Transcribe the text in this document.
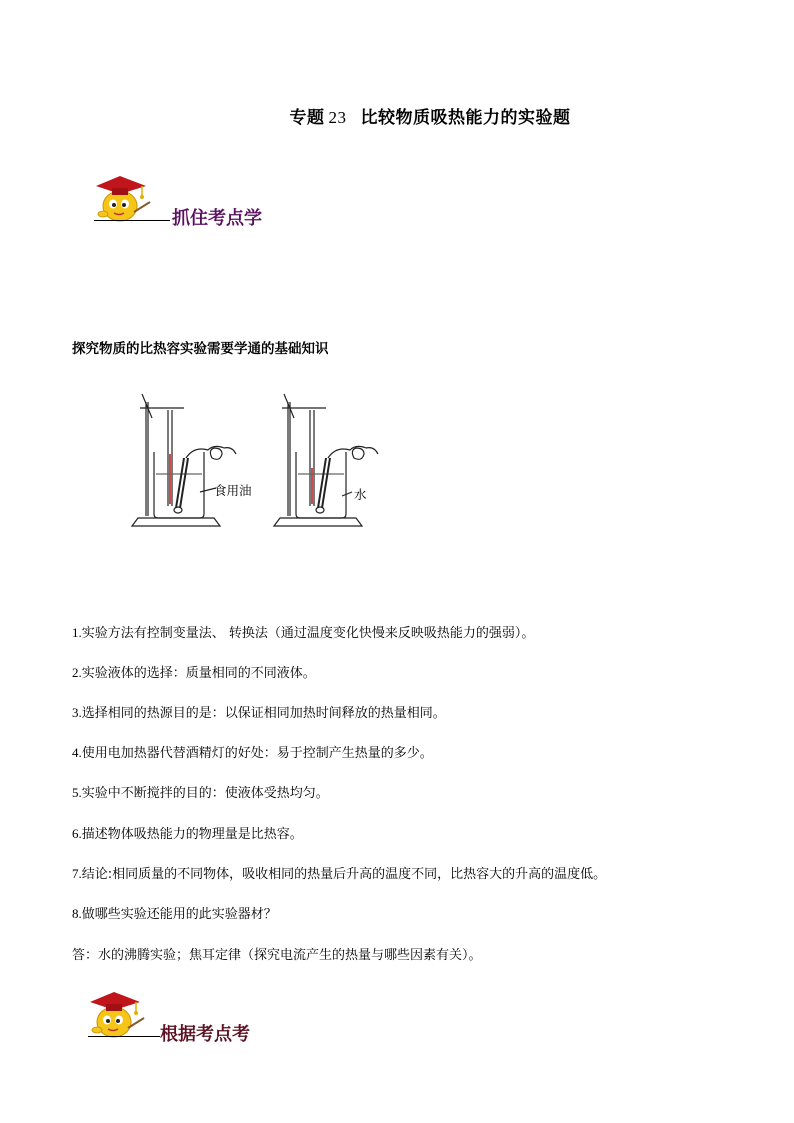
专题 23 比较物质吸热能力的实验题
抓住考点学
探究物质的比热容实验需要学通的基础知识
食用油	水
1.实验方法有控制变量法、 转换法（通过温度变化快慢来反映吸热能力的强弱）。
2.实验液体的选择：质量相同的不同液体。
3.选择相同的热源目的是：以保证相同加热时间释放的热量相同。
4.使用电加热器代替酒精灯的好处：易于控制产生热量的多少。
5.实验中不断搅拌的目的：使液体受热均匀。
6.描述物体吸热能力的物理量是比热容。
7.结论:相同质量的不同物体，吸收相同的热量后升高的温度不同，比热容大的升高的温度低。
8.做哪些实验还能用的此实验器材？
答：水的沸腾实验；焦耳定律（探究电流产生的热量与哪些因素有关）。
根据考点考
